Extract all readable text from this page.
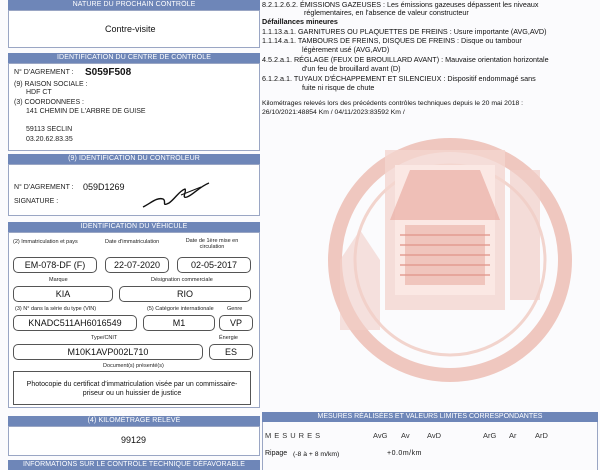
NATURE DU PROCHAIN CONTRÔLE
Contre-visite
IDENTIFICATION DU CENTRE DE CONTRÔLE
N° D'AGREMENT : S059F508
(9) RAISON SOCIALE :
HDF CT
(3) COORDONNEES :
141 CHEMIN DE L'ARBRE DE GUISE
59113 SECLIN
03.20.62.83.35
(9) IDENTIFICATION DU CONTRÔLEUR
N° D'AGREMENT : 059D1269
SIGNATURE :
IDENTIFICATION DU VÉHICULE
(2) Immatriculation et pays	Date d'immatriculation	Date de 1ère mise en circulation
EM-078-DF (F)	22-07-2020	02-05-2017
Marque	Désignation commerciale
KIA	RIO
(3) N° dans la série du type (VIN)	(5) Catégorie internationale Genre
KNADC511AH6016549	M1	VP
Type/CNIT	Énergie
M10K1AVP002L710	ES
Document(s) présenté(s)
Photocopie du certificat d'immatriculation visée par un commissaire-priseur ou un huissier de justice
(4) KILOMÉTRAGE RELEVÉ
99129
INFORMATIONS SUR LE CONTRÔLE TECHNIQUE DÉFAVORABLE
8.2.1.2.6.2. ÉMISSIONS GAZEUSES : Les émissions gazeuses dépassent les niveaux
réglementaires, en l'absence de valeur constructeur
Défaillances mineures
1.1.13.a.1. GARNITURES OU PLAQUETTES DE FREINS : Usure importante (AVG,AVD)
1.1.14.a.1. TAMBOURS DE FREINS, DISQUES DE FREINS : Disque ou tambour
légèrement usé (AVG,AVD)
4.5.2.a.1. RÉGLAGE (FEUX DE BROUILLARD AVANT) : Mauvaise orientation horizontale
d'un feu de brouillard avant (D)
6.1.2.a.1. TUYAUX D'ÉCHAPPEMENT ET SILENCIEUX : Dispositif endommagé sans
fuite ni risque de chute
Kilométrages relevés lors des précédents contrôles techniques depuis le 20 mai 2018 :
26/10/2021:48854 Km / 04/11/2023:83592 Km /
MESURES RÉALISÉES ET VALEURS LIMITES CORRESPONDANTES
MESURES	AvG Av AvD	ArG Ar ArD
Ripage (-8 à + 8 m/km)	+0.0m/km
